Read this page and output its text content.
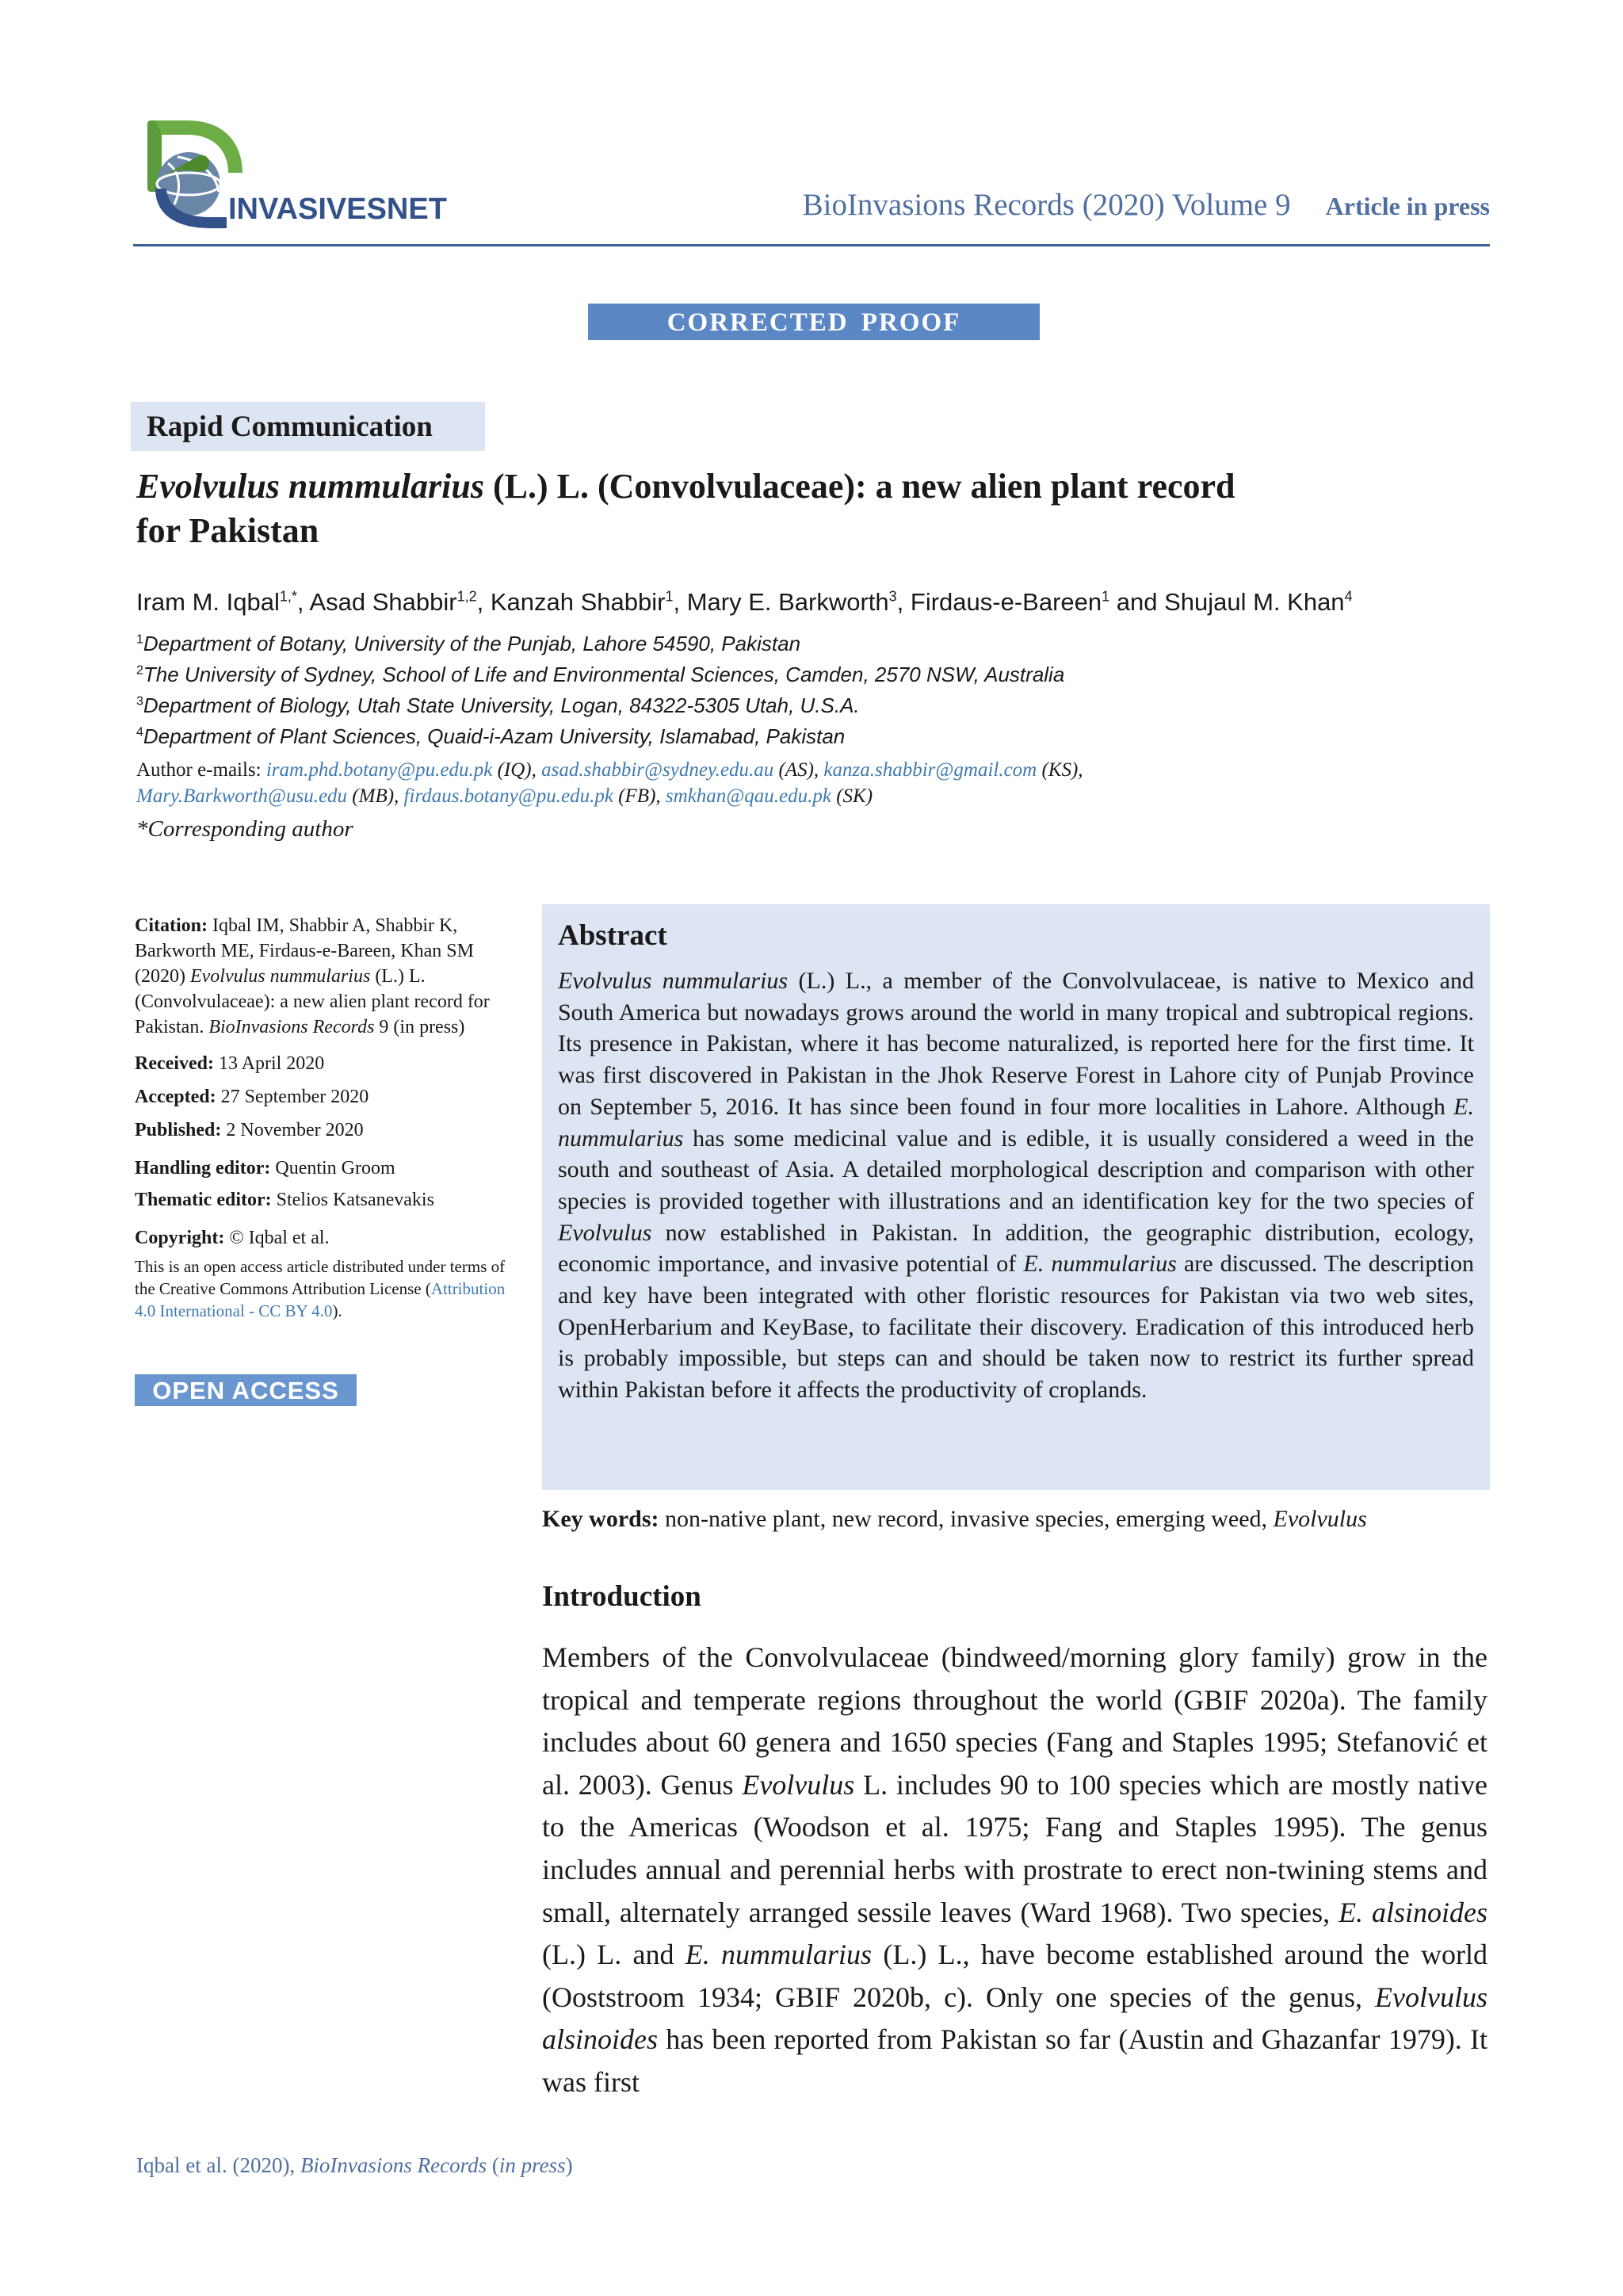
INVASIVESNET	BioInvasions Records (2020) Volume 9 Article in press
CORRECTED PROOF
Rapid Communication
Evolvulus nummularius (L.) L. (Convolvulaceae): a new alien plant record
for Pakistan
Iram M. Iqbal$^{1,*}$, Asad Shabbir$^{1,2}$, Kanzah Shabbir$^1$, Mary E. Barkworth$^3$, Firdaus-e-Bareen$^1$ and Shujaul M. Khan$^4$
$^1$Department of Botany, University of the Punjab, Lahore 54590, Pakistan
$^2$The University of Sydney, School of Life and Environmental Sciences, Camden, 2570 NSW, Australia
$^3$Department of Biology, Utah State University, Logan, 84322-5305 Utah, U.S.A.
$^4$Department of Plant Sciences, Quaid-i-Azam University, Islamabad, Pakistan
Author e-mails: iram.phd.botany@pu.edu.pk (IQ), asad.shabbir@sydney.edu.au (AS), kanza.shabbir@gmail.com (KS),
Mary.Barkworth@usu.edu (MB), firdaus.botany@pu.edu.pk (FB), smkhan@qau.edu.pk (SK)
*Corresponding author
Citation: Iqbal IM, Shabbir A, Shabbir K, Barkworth ME, Firdaus-e-Bareen, Khan SM (2020) Evolvulus nummularius (L.) L. (Convolvulaceae): a new alien plant record for Pakistan. BioInvasions Records 9 (in press)
Received: 13 April 2020
Accepted: 27 September 2020
Published: 2 November 2020
Handling editor: Quentin Groom
Thematic editor: Stelios Katsanevakis
Copyright: © Iqbal et al.
This is an open access article distributed under terms of the Creative Commons Attribution License (Attribution 4.0 International - CC BY 4.0).
OPEN ACCESS
Abstract
Evolvulus nummularius (L.) L., a member of the Convolvulaceae, is native to Mexico and South America but nowadays grows around the world in many tropical and subtropical regions. Its presence in Pakistan, where it has become naturalized, is reported here for the first time. It was first discovered in Pakistan in the Jhok Reserve Forest in Lahore city of Punjab Province on September 5, 2016. It has since been found in four more localities in Lahore. Although E. nummularius has some medicinal value and is edible, it is usually considered a weed in the south and southeast of Asia. A detailed morphological description and comparison with other species is provided together with illustrations and an identification key for the two species of Evolvulus now established in Pakistan. In addition, the geographic distribution, ecology, economic importance, and invasive potential of E. nummularius are discussed. The description and key have been integrated with other floristic resources for Pakistan via two web sites, OpenHerbarium and KeyBase, to facilitate their discovery. Eradication of this introduced herb is probably impossible, but steps can and should be taken now to restrict its further spread within Pakistan before it affects the productivity of croplands.
Key words: non-native plant, new record, invasive species, emerging weed, Evolvulus
Introduction
Members of the Convolvulaceae (bindweed/morning glory family) grow in the tropical and temperate regions throughout the world (GBIF 2020a). The family includes about 60 genera and 1650 species (Fang and Staples 1995; Stefanović et al. 2003). Genus Evolvulus L. includes 90 to 100 species which are mostly native to the Americas (Woodson et al. 1975; Fang and Staples 1995). The genus includes annual and perennial herbs with prostrate to erect non-twining stems and small, alternately arranged sessile leaves (Ward 1968). Two species, E. alsinoides (L.) L. and E. nummularius (L.) L., have become established around the world (Ooststroom 1934; GBIF 2020b, c). Only one species of the genus, Evolvulus alsinoides has been reported from Pakistan so far (Austin and Ghazanfar 1979). It was first
Iqbal et al. (2020), BioInvasions Records (in press)
